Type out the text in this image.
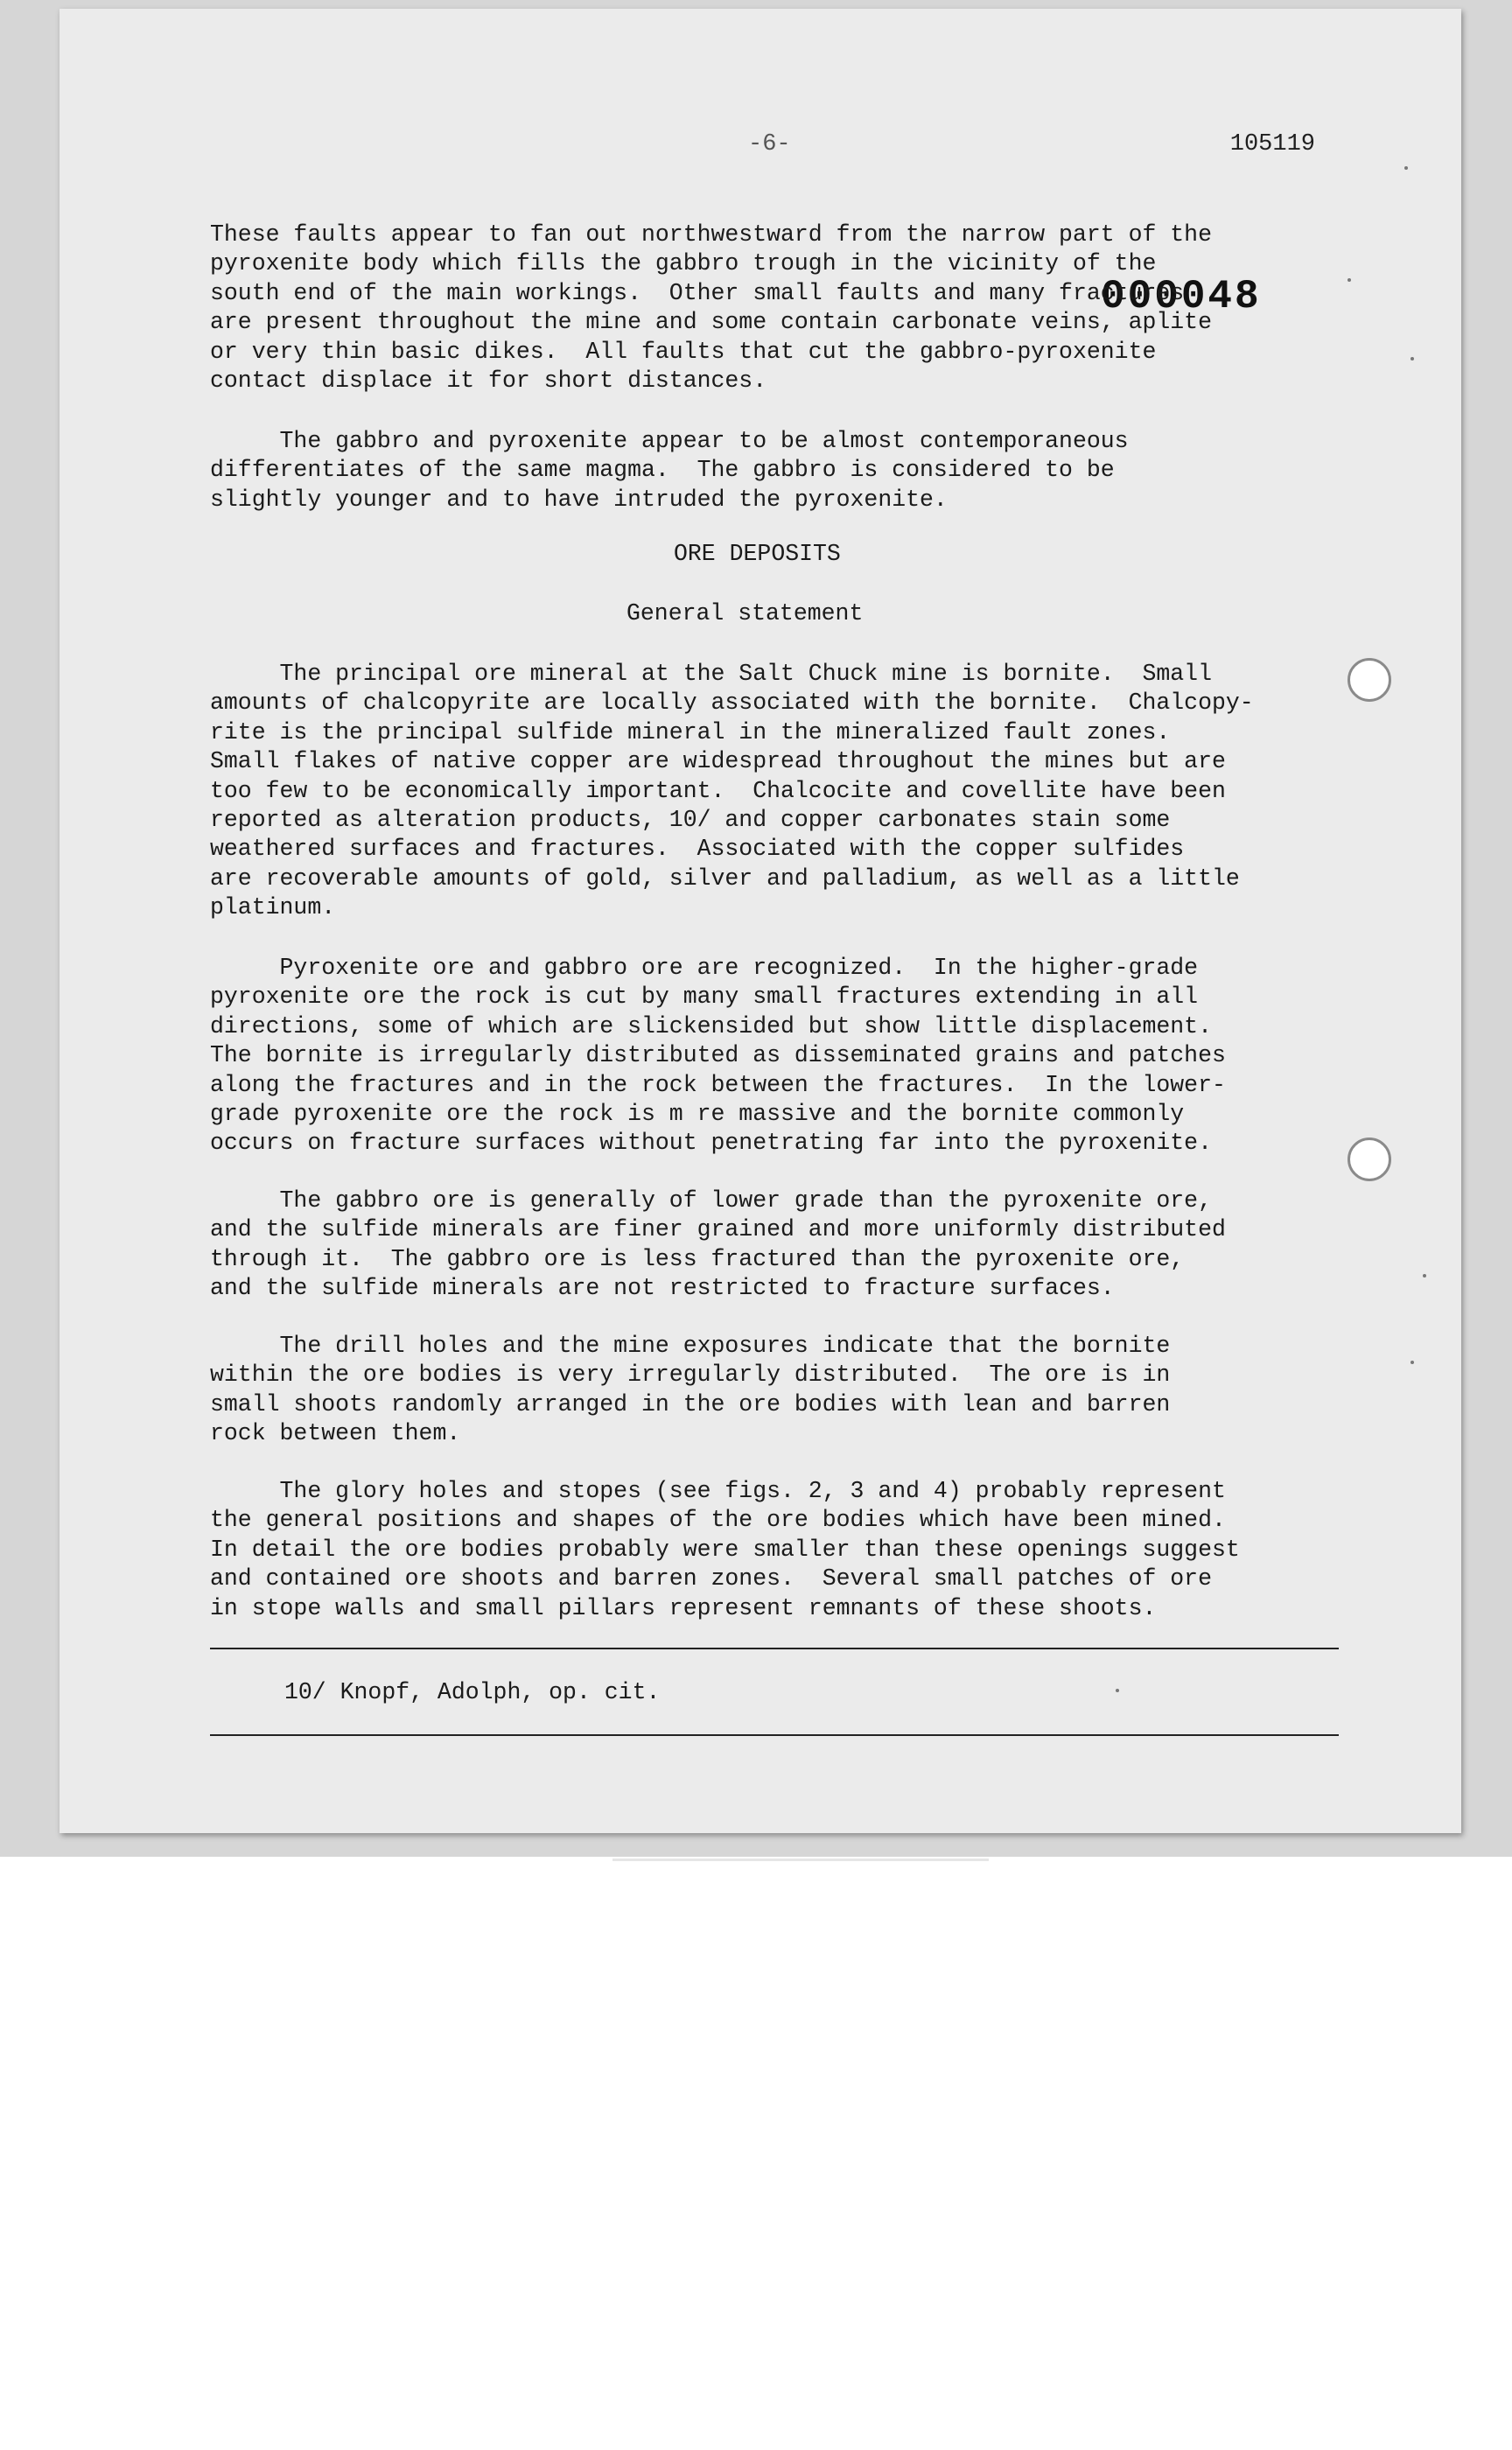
-6-	105119
000048
These faults appear to fan out northwestward from the narrow part of the
pyroxenite body which fills the gabbro trough in the vicinity of the
south end of the main workings.  Other small faults and many fractures
are present throughout the mine and some contain carbonate veins, aplite
or very thin basic dikes.  All faults that cut the gabbro-pyroxenite
contact displace it for short distances.
The gabbro and pyroxenite appear to be almost contemporaneous
differentiates of the same magma.  The gabbro is considered to be
slightly younger and to have intruded the pyroxenite.
ORE DEPOSITS
General statement
The principal ore mineral at the Salt Chuck mine is bornite.  Small
amounts of chalcopyrite are locally associated with the bornite.  Chalcopy-
rite is the principal sulfide mineral in the mineralized fault zones.
Small flakes of native copper are widespread throughout the mines but are
too few to be economically important.  Chalcocite and covellite have been
reported as alteration products, 10/ and copper carbonates stain some
weathered surfaces and fractures.  Associated with the copper sulfides
are recoverable amounts of gold, silver and palladium, as well as a little
platinum.
Pyroxenite ore and gabbro ore are recognized.  In the higher-grade
pyroxenite ore the rock is cut by many small fractures extending in all
directions, some of which are slickensided but show little displacement.
The bornite is irregularly distributed as disseminated grains and patches
along the fractures and in the rock between the fractures.  In the lower-
grade pyroxenite ore the rock is m re massive and the bornite commonly
occurs on fracture surfaces without penetrating far into the pyroxenite.
The gabbro ore is generally of lower grade than the pyroxenite ore,
and the sulfide minerals are finer grained and more uniformly distributed
through it.  The gabbro ore is less fractured than the pyroxenite ore,
and the sulfide minerals are not restricted to fracture surfaces.
The drill holes and the mine exposures indicate that the bornite
within the ore bodies is very irregularly distributed.  The ore is in
small shoots randomly arranged in the ore bodies with lean and barren
rock between them.
The glory holes and stopes (see figs. 2, 3 and 4) probably represent
the general positions and shapes of the ore bodies which have been mined.
In detail the ore bodies probably were smaller than these openings suggest
and contained ore shoots and barren zones.  Several small patches of ore
in stope walls and small pillars represent remnants of these shoots.
10/ Knopf, Adolph, op. cit.
